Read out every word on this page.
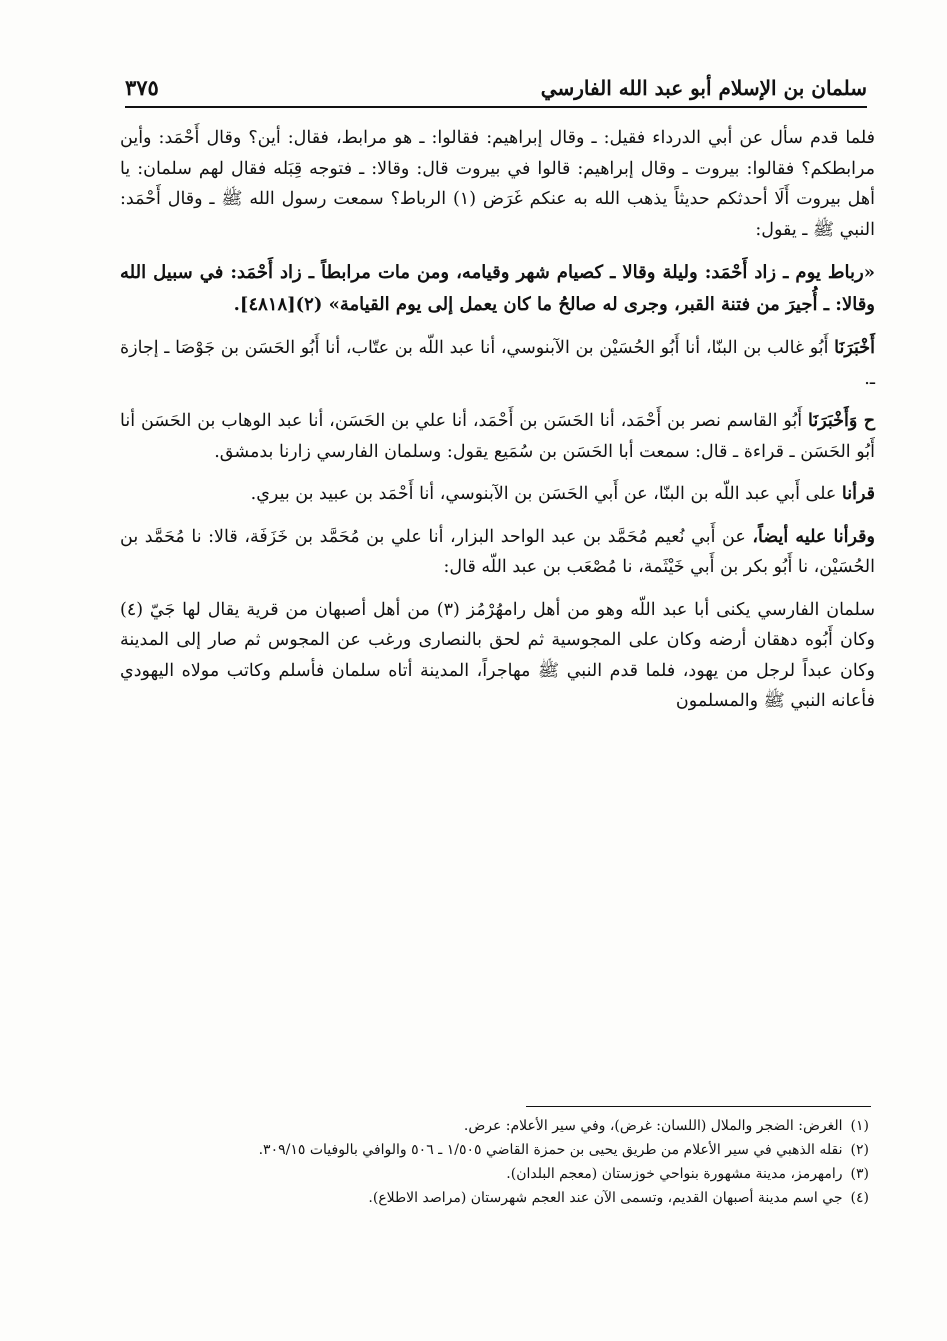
سلمان بن الإسلام أبو عبد الله الفارسي
٣٧٥

فلما قدم سأل عن أبي الدرداء فقيل: ـ وقال إبراهيم: فقالوا: ـ هو مرابط، فقال: أين؟ وقال أَحْمَد: وأين مرابطكم؟ فقالوا: بيروت ـ وقال إبراهيم: قالوا في بيروت قال: وقالا: ـ فتوجه قِبَله فقال لهم سلمان: يا أهل بيروت أَلَا أحدثكم حديثاً يذهب الله به عنكم غَرَض (١) الرباط؟ سمعت رسول الله ﷺ ـ وقال أَحْمَد: النبي ﷺ ـ يقول:

«رباط يوم ـ زاد أَحْمَد: وليلة وقالا ـ كصيام شهر وقيامه، ومن مات مرابطاً ـ زاد أَحْمَد: في سبيل الله وقالا: ـ أُجيرَ من فتنة القبر، وجرى له صالحُ ما كان يعمل إلى يوم القيامة» (٢)[٤٨١٨].

أَخْبَرَنَا أَبُو غالب بن البنّا، أنا أَبُو الحُسَيْن بن الآبنوسي، أنا عبد اللّه بن عتّاب، أنا أَبُو الحَسَن بن جَوْصَا ـ إجازة ـ.

ح وَأَخْبَرَنَا أَبُو القاسم نصر بن أَحْمَد، أنا الحَسَن بن أَحْمَد، أنا علي بن الحَسَن، أنا عبد الوهاب بن الحَسَن أنا أَبُو الحَسَن ـ قراءة ـ قال: سمعت أبا الحَسَن بن سُمَيع يقول: وسلمان الفارسي زارنا بدمشق.

قرأنا على أَبي عبد اللّه بن البنّا، عن أَبي الحَسَن بن الآبنوسي، أنا أَحْمَد بن عبيد بن بيري.

وقرأنا عليه أيضاً، عن أَبي نُعيم مُحَمَّد بن عبد الواحد البزار، أنا علي بن مُحَمَّد بن خَزَفَة، قالا: نا مُحَمَّد بن الحُسَيْن، نا أَبُو بكر بن أَبي خَيْثَمة، نا مُصْعَب بن عبد اللّه قال:

سلمان الفارسي يكنى أبا عبد اللّه وهو من أهل رامهُرْمُز (٣) من أهل أصبهان من قرية يقال لها جَيّ (٤) وكان أَبُوه دهقان أرضه وكان على المجوسية ثم لحق بالنصارى ورغب عن المجوس ثم صار إلى المدينة وكان عبداً لرجل من يهود، فلما قدم النبي ﷺ مهاجراً، المدينة أتاه سلمان فأسلم وكاتب مولاه اليهودي فأعانه النبي ﷺ والمسلمون

(١)الغرض: الضجر والملال (اللسان: غرض)، وفي سير الأعلام: عرض.

(٢)نقله الذهبي في سير الأعلام من طريق يحيى بن حمزة القاضي ١/٥٠٥ ـ ٥٠٦ والوافي بالوفيات ٣٠٩/١٥.

(٣)رامهرمز، مدينة مشهورة بنواحي خوزستان (معجم البلدان).

(٤)جي اسم مدينة أصبهان القديم، وتسمى الآن عند العجم شهرستان (مراصد الاطلاع).
